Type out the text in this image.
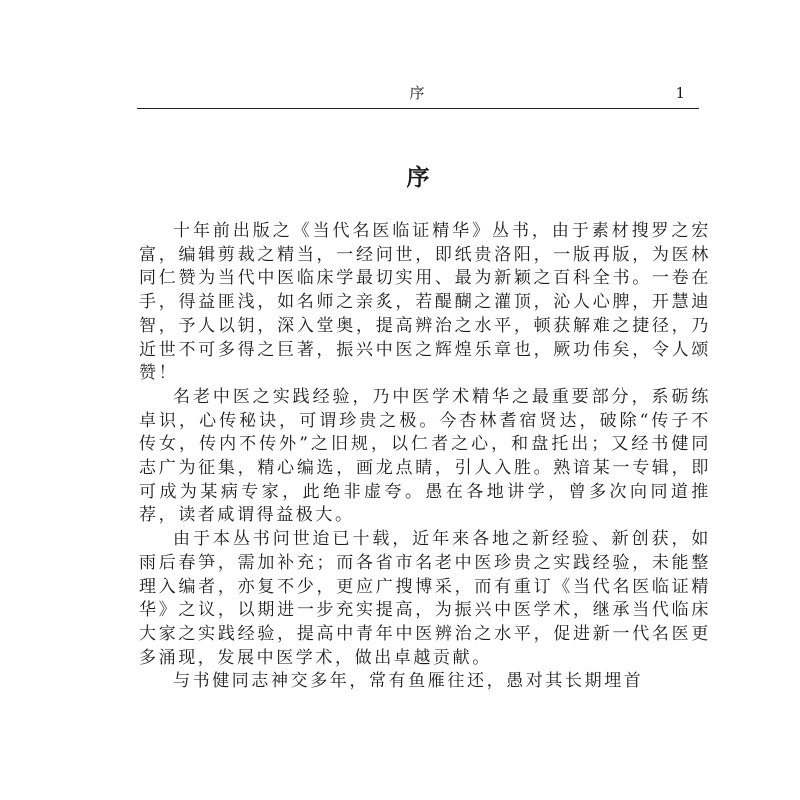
序	1
序

十年前出版之《当代名医临证精华》丛书，由于素材搜罗之宏富，编辑剪裁之精当，一经问世，即纸贵洛阳，一版再版，为医林同仁赞为当代中医临床学最切实用、最为新颖之百科全书。一卷在手，得益匪浅，如名师之亲炙，若醍醐之灌顶，沁人心脾，开慧迪智，予人以钥，深入堂奥，提高辨治之水平，顿获解难之捷径，乃近世不可多得之巨著，振兴中医之辉煌乐章也，厥功伟矣，令人颂赞！

名老中医之实践经验，乃中医学术精华之最重要部分，系砺练卓识，心传秘诀，可谓珍贵之极。今杏林耆宿贤达，破除“传子不传女，传内不传外”之旧规，以仁者之心，和盘托出；又经书健同志广为征集，精心编选，画龙点睛，引人入胜。熟谙某一专辑，即可成为某病专家，此绝非虚夸。愚在各地讲学，曾多次向同道推荐，读者咸谓得益极大。

由于本丛书问世迨已十载，近年来各地之新经验、新创获，如雨后春笋，需加补充；而各省市名老中医珍贵之实践经验，未能整理入编者，亦复不少，更应广搜博采，而有重订《当代名医临证精华》之议，以期进一步充实提高，为振兴中医学术，继承当代临床大家之实践经验，提高中青年中医辨治之水平，促进新一代名医更多涌现，发展中医学术，做出卓越贡献。

与书健同志神交多年，常有鱼雁往还，愚对其长期埋首
